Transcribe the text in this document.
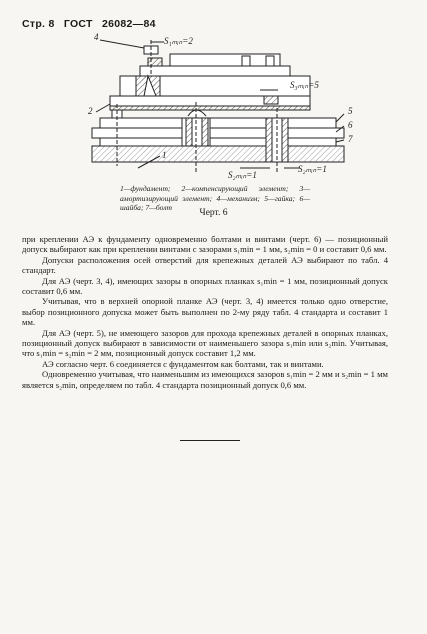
Стр. 8 ГОСТ 26082—84
4
2
1
5
6
7
S₁ₘᵢₙ=2
S₃ₘᵢₙ=5
S₂ₘᵢₙ=1
S₂ₘᵢₙ=1
1—фундамент; 2—компенсирующий элемент; 3—амортизирующий элемент; 4—механизм; 5—гайка; 6—шайба; 7—болт
Черт. 6

при креплении АЭ к фундаменту одновременно болтами и винтами (черт. 6) — позиционный допуск выбирают как при креплении винтами с зазорами s₁min = 1 мм, s₂min = 0 и составит 0,6 мм.

Допуски расположения осей отверстий для крепежных деталей АЭ выбирают по табл. 4 стандарт.

Для АЭ (черт. 3, 4), имеющих зазоры в опорных планках s₁min = 1 мм, позиционный допуск составит 0,6 мм.

Учитывая, что в верхней опорной планке АЭ (черт. 3, 4) имеется только одно отверстие, выбор позиционного допуска может быть выполнен по 2-му ряду табл. 4 стандарта и составит 1 мм.

Для АЭ (черт. 5), не имеющего зазоров для прохода крепежных деталей в опорных планках, позиционный допуск выбирают в зависимости от наименьшего зазора s₁min или s₂min. Учитывая, что s₁min = s₂min = 2 мм, позиционный допуск составит 1,2 мм.

АЭ согласно черт. 6 соединяется с фундаментом как болтами, так и винтами.

Одновременно учитывая, что наименьшим из имеющихся зазоров s₁min = 2 мм и s₂min = 1 мм является s₂min, определяем по табл. 4 стандарта позиционный допуск 0,6 мм.
